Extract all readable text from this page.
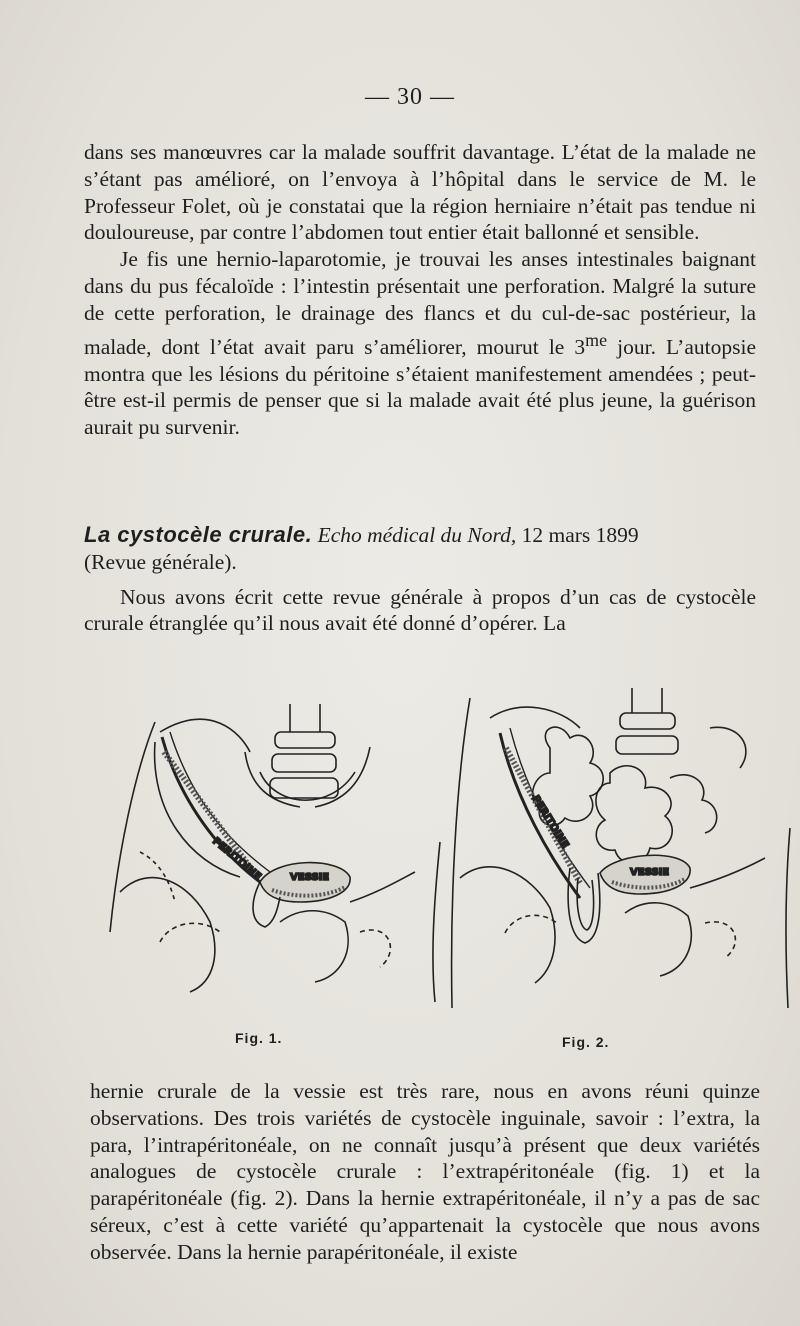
— 30 —

dans ses manœuvres car la malade souffrit davantage. L’état de la malade ne s’étant pas amélioré, on l’envoya à l’hôpital dans le service de M. le Professeur Folet, où je constatai que la région herniaire n’était pas tendue ni douloureuse, par contre l’abdomen tout entier était ballonné et sensible.

Je fis une hernio-laparotomie, je trouvai les anses intestinales baignant dans du pus fécaloïde : l’intestin présentait une perforation. Malgré la suture de cette perforation, le drainage des flancs et du cul-de-sac postérieur, la malade, dont l’état avait paru s’améliorer, mourut le $3^{me}$ jour. L’autopsie montra que les lésions du péritoine s’étaient manifestement amendées ; peut-être est-il permis de penser que si la malade avait été plus jeune, la guérison aurait pu survenir.

La cystocèle crurale. Echo médical du Nord, 12 mars 1899

(Revue générale).

Nous avons écrit cette revue générale à propos d’un cas de cystocèle crurale étranglée qu’il nous avait été donné d’opérer. La

PERITOINE	VESSIE
Fig. 1.
PERITOINE
VESSIE
Fig. 2.

hernie crurale de la vessie est très rare, nous en avons réuni quinze observations. Des trois variétés de cystocèle inguinale, savoir : l’extra, la para, l’intrapéritonéale, on ne connaît jusqu’à présent que deux variétés analogues de cystocèle crurale : l’extrapéritonéale (fig. 1) et la parapéritonéale (fig. 2). Dans la hernie extrapéritonéale, il n’y a pas de sac séreux, c’est à cette variété qu’appartenait la cystocèle que nous avons observée. Dans la hernie parapéritonéale, il existe
